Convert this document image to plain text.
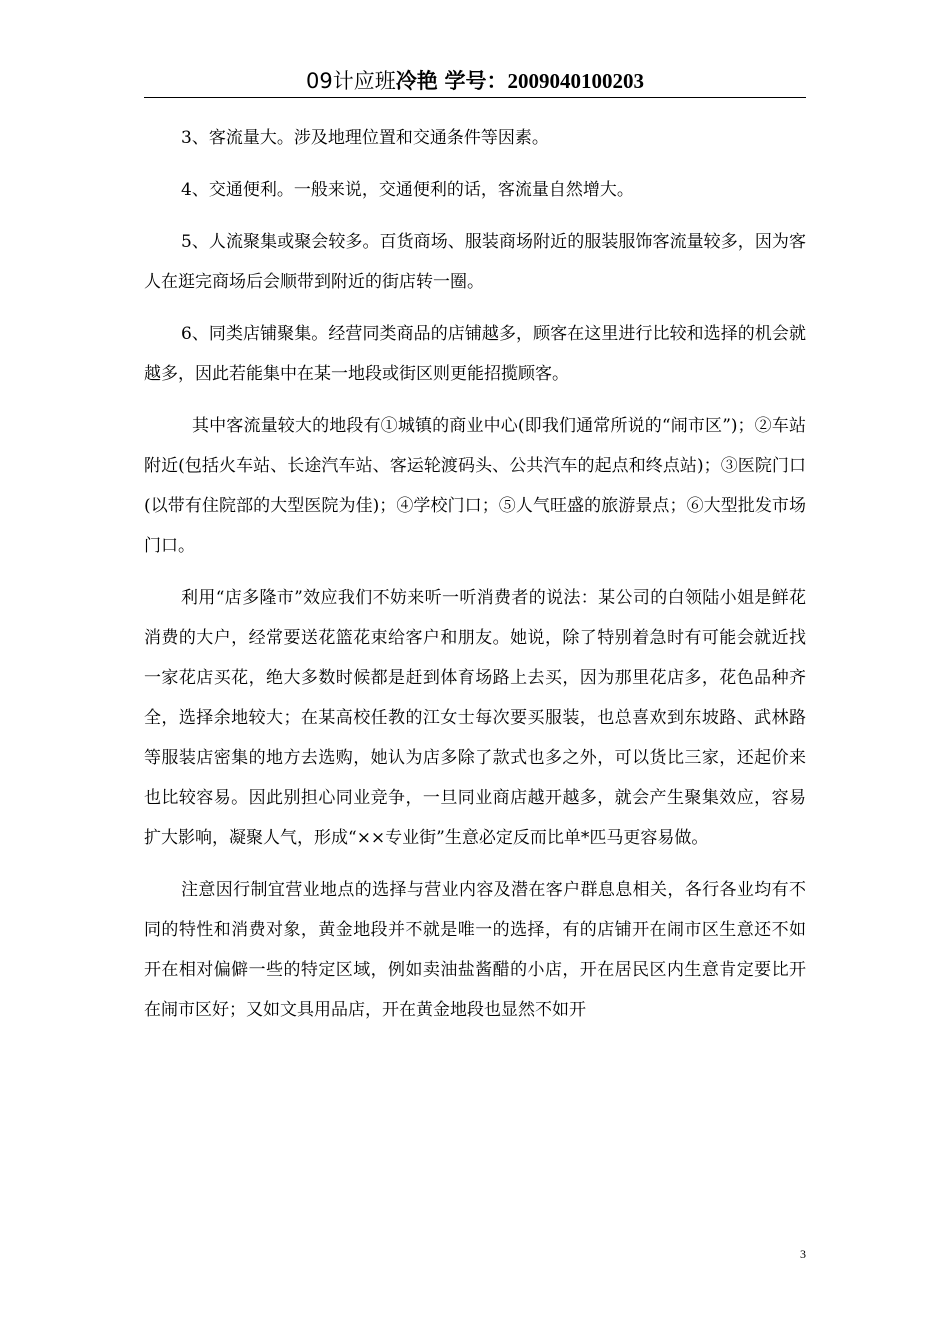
09计应班冷艳 学号：2009040100203

3、客流量大。涉及地理位置和交通条件等因素。

4、交通便利。一般来说，交通便利的话，客流量自然增大。

5、人流聚集或聚会较多。百货商场、服装商场附近的服装服饰客流量较多，因为客人在逛完商场后会顺带到附近的街店转一圈。

6、同类店铺聚集。经营同类商品的店铺越多，顾客在这里进行比较和选择的机会就越多，因此若能集中在某一地段或街区则更能招揽顾客。

其中客流量较大的地段有①城镇的商业中心(即我们通常所说的“闹市区”)；②车站附近(包括火车站、长途汽车站、客运轮渡码头、公共汽车的起点和终点站)；③医院门口(以带有住院部的大型医院为佳)；④学校门口；⑤人气旺盛的旅游景点；⑥大型批发市场门口。

利用“店多隆市”效应我们不妨来听一听消费者的说法：某公司的白领陆小姐是鲜花消费的大户，经常要送花篮花束给客户和朋友。她说，除了特别着急时有可能会就近找一家花店买花，绝大多数时候都是赶到体育场路上去买，因为那里花店多，花色品种齐全，选择余地较大；在某高校任教的江女士每次要买服装，也总喜欢到东坡路、武林路等服装店密集的地方去选购，她认为店多除了款式也多之外，可以货比三家，还起价来也比较容易。因此别担心同业竞争，一旦同业商店越开越多，就会产生聚集效应，容易扩大影响，凝聚人气，形成“××专业街”生意必定反而比单*匹马更容易做。

注意因行制宜营业地点的选择与营业内容及潜在客户群息息相关，各行各业均有不同的特性和消费对象，黄金地段并不就是唯一的选择，有的店铺开在闹市区生意还不如开在相对偏僻一些的特定区域，例如卖油盐酱醋的小店，开在居民区内生意肯定要比开在闹市区好；又如文具用品店，开在黄金地段也显然不如开

3
